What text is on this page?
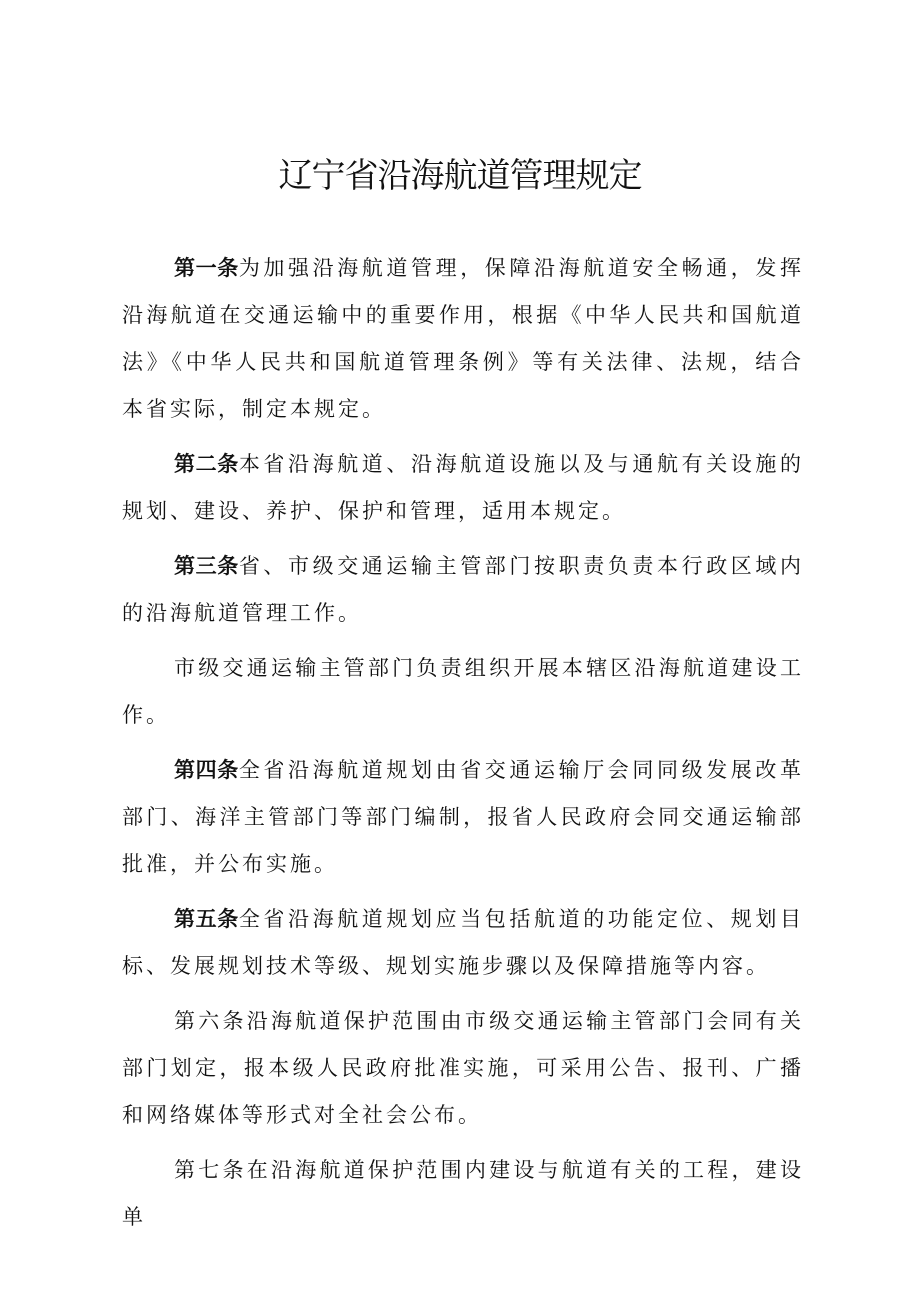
辽宁省沿海航道管理规定

第一条为加强沿海航道管理，保障沿海航道安全畅通，发挥沿海航道在交通运输中的重要作用，根据《中华人民共和国航道法》《中华人民共和国航道管理条例》等有关法律、法规，结合本省实际，制定本规定。

第二条本省沿海航道、沿海航道设施以及与通航有关设施的规划、建设、养护、保护和管理，适用本规定。

第三条省、市级交通运输主管部门按职责负责本行政区域内的沿海航道管理工作。

市级交通运输主管部门负责组织开展本辖区沿海航道建设工作。

第四条全省沿海航道规划由省交通运输厅会同同级发展改革部门、海洋主管部门等部门编制，报省人民政府会同交通运输部批准，并公布实施。

第五条全省沿海航道规划应当包括航道的功能定位、规划目标、发展规划技术等级、规划实施步骤以及保障措施等内容。

第六条沿海航道保护范围由市级交通运输主管部门会同有关部门划定，报本级人民政府批准实施，可采用公告、报刊、广播和网络媒体等形式对全社会公布。

第七条在沿海航道保护范围内建设与航道有关的工程，建设单
